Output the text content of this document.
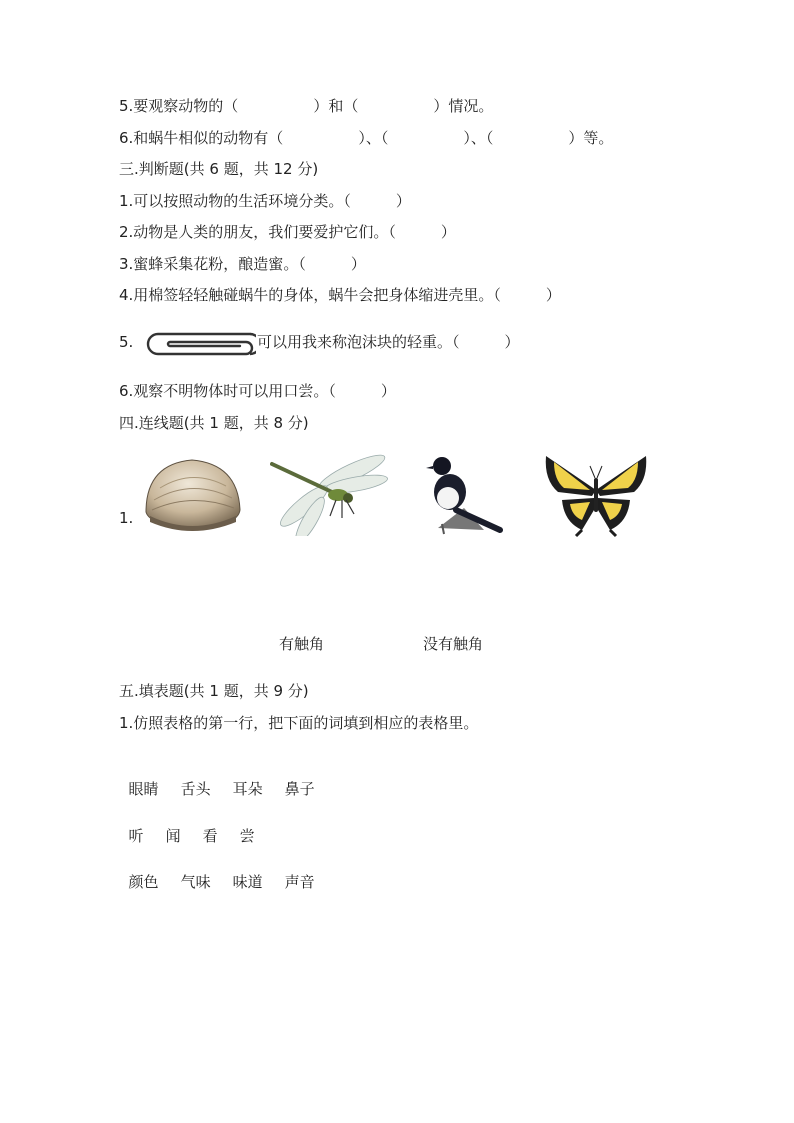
5.要观察动物的（　　　　　）和（　　　　　）情况。
6.和蜗牛相似的动物有（　　　　　）、（　　　　　）、（　　　　　）等。
三.判断题(共 6 题，共 12 分)
1.可以按照动物的生活环境分类。（　　　）
2.动物是人类的朋友，我们要爱护它们。（　　　）
3.蜜蜂采集花粉，酿造蜜。（　　　）
4.用棉签轻轻触碰蜗牛的身体，蜗牛会把身体缩进壳里。（　　　）
5.	可以用我来称泡沫块的轻重。（　　　）
6.观察不明物体时可以用口尝。（　　　）
四.连线题(共 1 题，共 8 分)
1.
有触角	没有触角
五.填表题(共 1 题，共 9 分)
1.仿照表格的第一行，把下面的词填到相应的表格里。

眼睛 舌头 耳朵 鼻子

听 闻 看 尝

颜色 气味 味道 声音
